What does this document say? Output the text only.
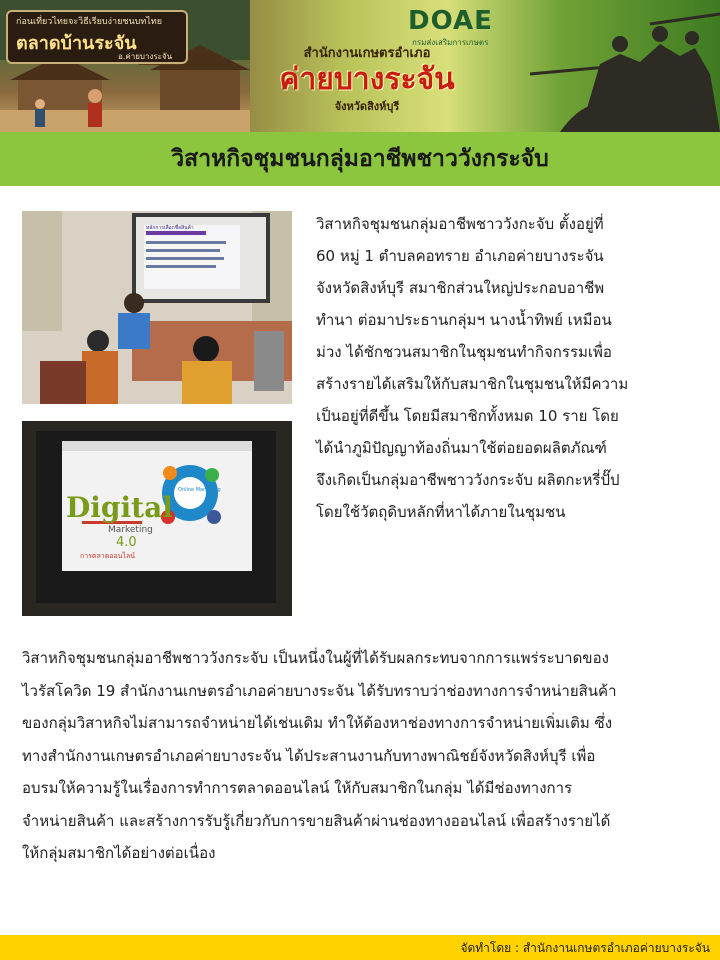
ก่อนเที่ยวไทยจะวิธีเรียบง่ายชนบทไทย
ตลาดบ้านระจัน
อ.ค่ายบางระจัน
DOAE
กรมส่งเสริมการเกษตร
สำนักงานเกษตรอำเภอ
ค่ายบางระจัน
จังหวัดสิงห์บุรี
วิสาหกิจชุมชนกลุ่มอาชีพชาววังกระจับ
หลักการเลือกชื่อสินค้า
Digital
Marketing
4.0
การตลาดออนไลน์
Online Marketing
วิสาหกิจชุมชนกลุ่มอาชีพชาววังกะจับ ตั้งอยู่ที่
60 หมู่ 1 ตำบลคอทราย อำเภอค่ายบางระจัน
จังหวัดสิงห์บุรี สมาชิกส่วนใหญ่ประกอบอาชีพ
ทำนา ต่อมาประธานกลุ่มฯ นางน้ำทิพย์ เหมือน
ม่วง ได้ชักชวนสมาชิกในชุมชนทำกิจกรรมเพื่อ
สร้างรายได้เสริมให้กับสมาชิกในชุมชนให้มีความ
เป็นอยู่ที่ดีขึ้น โดยมีสมาชิกทั้งหมด 10 ราย โดย
ได้นำภูมิปัญญาท้องถิ่นมาใช้ต่อยอดผลิตภัณฑ์
จึงเกิดเป็นกลุ่มอาชีพชาววังกระจับ ผลิตกะหรี่ปั๊ป
โดยใช้วัตถุดิบหลักที่หาได้ภายในชุมชน
วิสาหกิจชุมชนกลุ่มอาชีพชาววังกระจับ เป็นหนึ่งในผู้ที่ได้รับผลกระทบจากการแพร่ระบาดของ
ไวรัสโควิด 19 สำนักงานเกษตรอำเภอค่ายบางระจัน ได้รับทราบว่าช่องทางการจำหน่ายสินค้า
ของกลุ่มวิสาหกิจไม่สามารถจำหน่ายได้เช่นเดิม ทำให้ต้องหาช่องทางการจำหน่ายเพิ่มเติม ซึ่ง
ทางสำนักงานเกษตรอำเภอค่ายบางระจัน ได้ประสานงานกับทางพาณิชย์จังหวัดสิงห์บุรี เพื่อ
อบรมให้ความรู้ในเรื่องการทำการตลาดออนไลน์ ให้กับสมาชิกในกลุ่ม ได้มีช่องทางการ
จำหน่ายสินค้า และสร้างการรับรู้เกี่ยวกับการขายสินค้าผ่านช่องทางออนไลน์ เพื่อสร้างรายได้
ให้กลุ่มสมาชิกได้อย่างต่อเนื่อง
จัดทำโดย : สำนักงานเกษตรอำเภอค่ายบางระจัน
